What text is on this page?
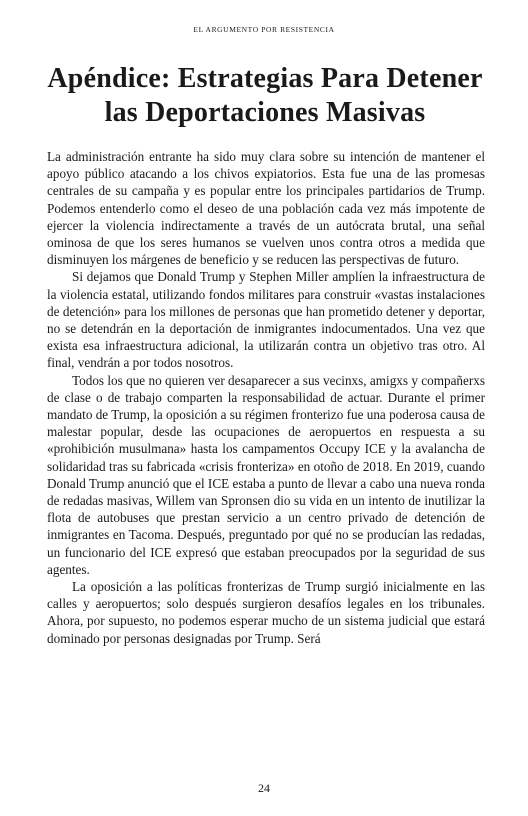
EL ARGUMENTO POR RESISTENCIA
Apéndice: Estrategias Para Detener las Deportaciones Masivas

La administración entrante ha sido muy clara sobre su intención de mantener el apoyo público atacando a los chivos expiatorios. Esta fue una de las promesas centrales de su campaña y es popular entre los principales partidarios de Trump. Podemos entenderlo como el deseo de una población cada vez más impotente de ejercer la violencia indirectamente a través de un autócrata brutal, una señal ominosa de que los seres humanos se vuelven unos contra otros a medida que disminuyen los márgenes de beneficio y se reducen las perspectivas de futuro.

Si dejamos que Donald Trump y Stephen Miller amplíen la infraestructura de la violencia estatal, utilizando fondos militares para construir «vastas instalaciones de detención» para los millones de personas que han prometido detener y deportar, no se detendrán en la deportación de inmigrantes indocumentados. Una vez que exista esa infraestructura adicional, la utilizarán contra un objetivo tras otro. Al final, vendrán a por todos nosotros.

Todos los que no quieren ver desaparecer a sus vecinxs, amigxs y compañerxs de clase o de trabajo comparten la responsabilidad de actuar. Durante el primer mandato de Trump, la oposición a su régimen fronterizo fue una poderosa causa de malestar popular, desde las ocupaciones de aeropuertos en respuesta a su «prohibición musulmana» hasta los campamentos Occupy ICE y la avalancha de solidaridad tras su fabricada «crisis fronteriza» en otoño de 2018. En 2019, cuando Donald Trump anunció que el ICE estaba a punto de llevar a cabo una nueva ronda de redadas masivas, Willem van Spronsen dio su vida en un intento de inutilizar la flota de autobuses que prestan servicio a un centro privado de detención de inmigrantes en Tacoma. Después, preguntado por qué no se producían las redadas, un funcionario del ICE expresó que estaban preocupados por la seguridad de sus agentes.

La oposición a las políticas fronterizas de Trump surgió inicialmente en las calles y aeropuertos; solo después surgieron desafíos legales en los tribunales. Ahora, por supuesto, no podemos esperar mucho de un sistema judicial que estará dominado por personas designadas por Trump. Será

24
